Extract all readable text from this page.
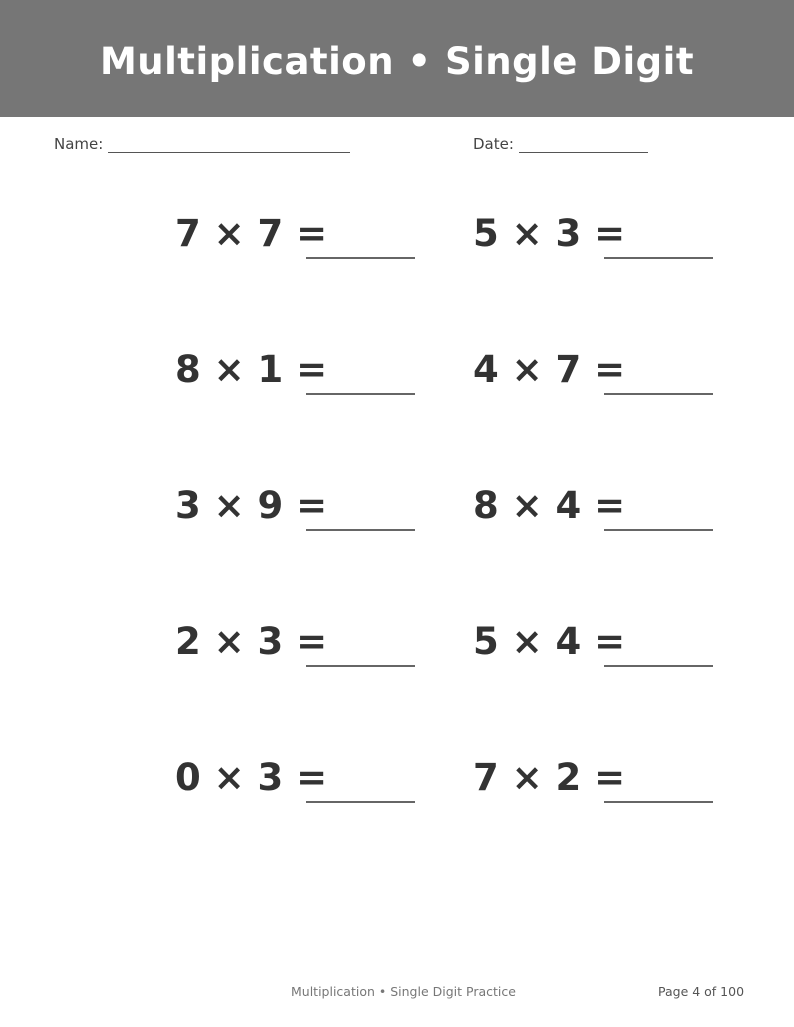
Multiplication • Single Digit
Name:	Date:
7 × 7 =	5 × 3 =
8 × 1 =	4 × 7 =
3 × 9 =	8 × 4 =
2 × 3 =	5 × 4 =
0 × 3 =	7 × 2 =
Multiplication • Single Digit Practice	Page 4 of 100
